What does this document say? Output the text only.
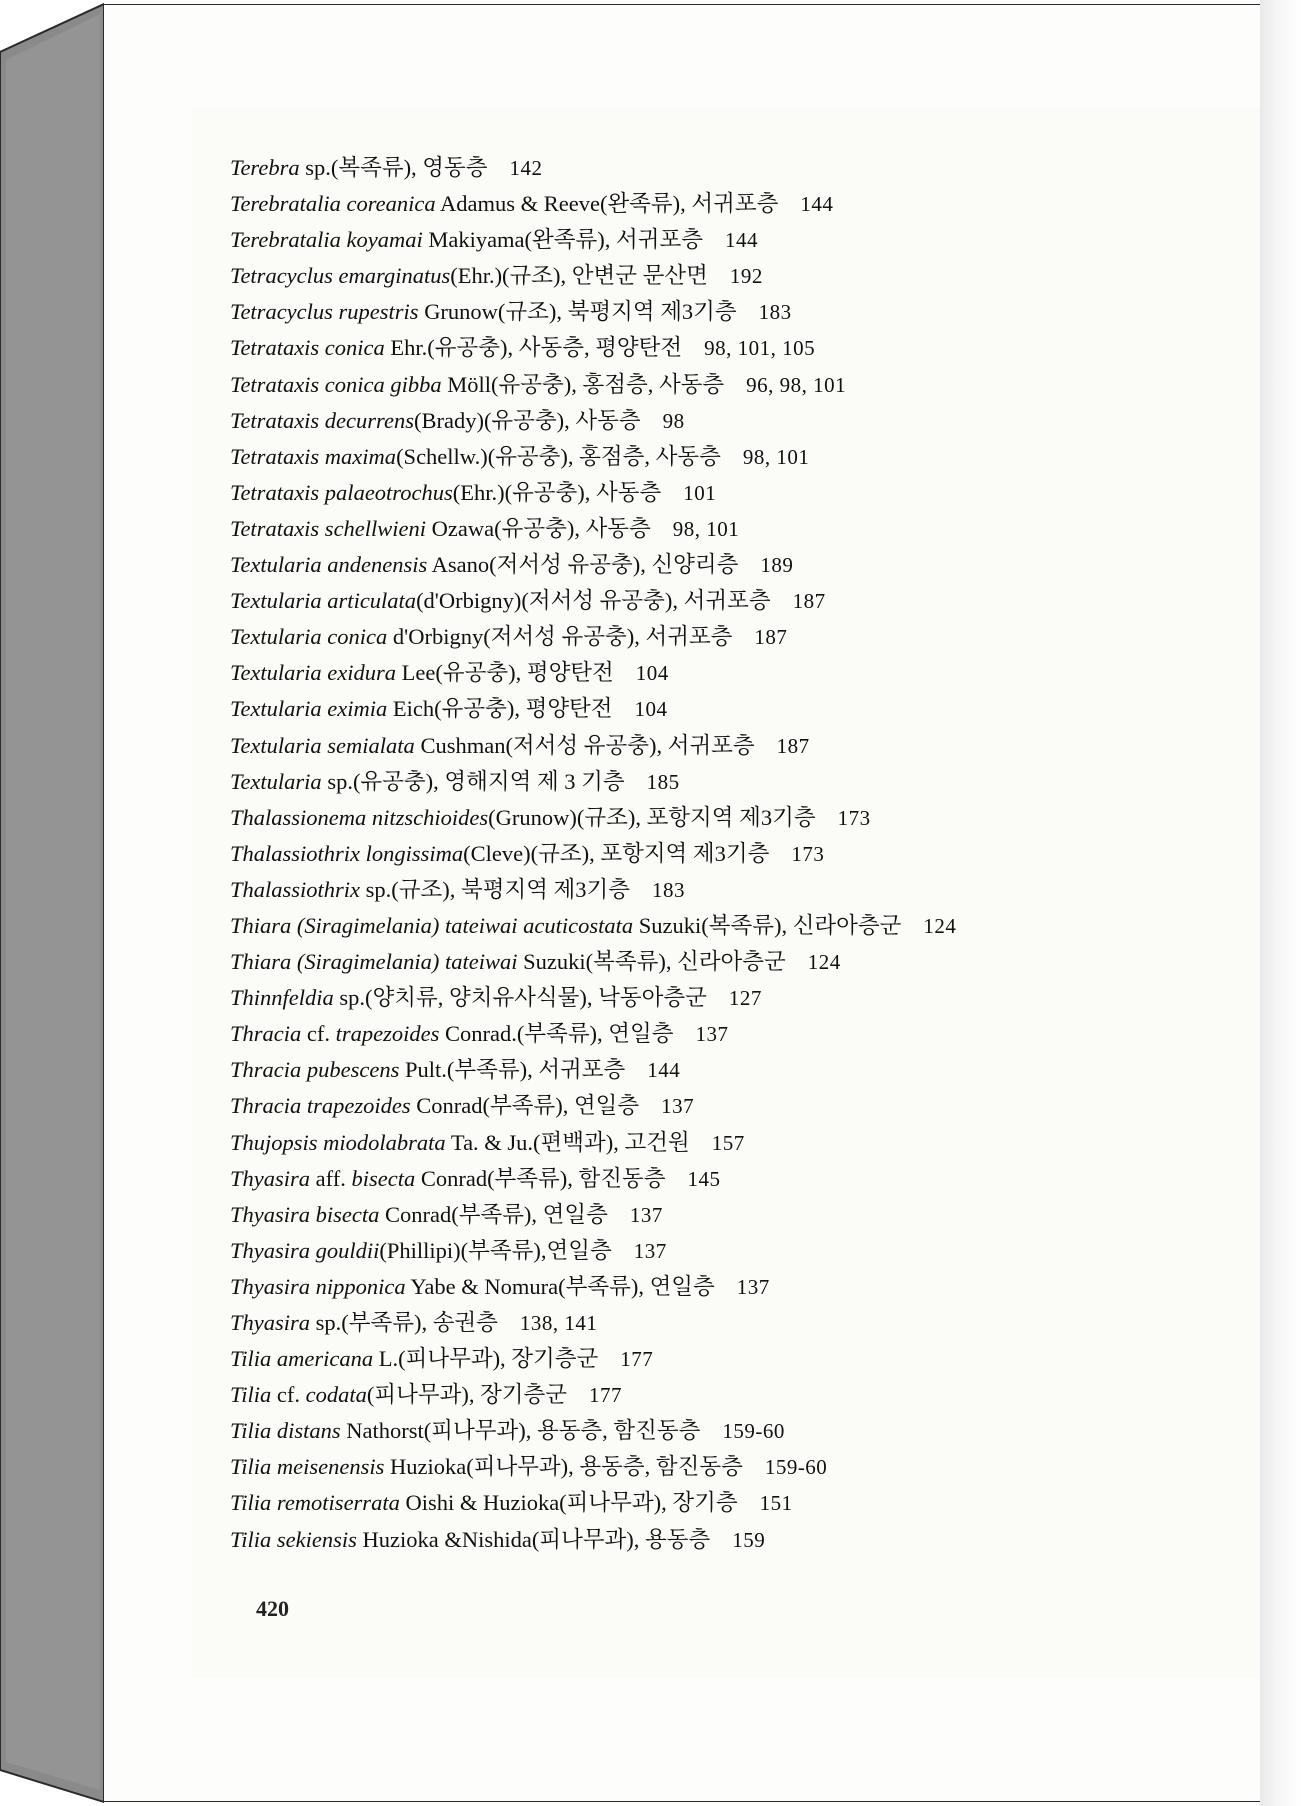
Terebra sp.(복족류), 영동층 142
Terebratalia coreanica Adamus & Reeve(완족류), 서귀포층 144
Terebratalia koyamai Makiyama(완족류), 서귀포층 144
Tetracyclus emarginatus(Ehr.)(규조), 안변군 문산면 192
Tetracyclus rupestris Grunow(규조), 북평지역 제3기층 183
Tetrataxis conica Ehr.(유공충), 사동층, 평양탄전 98, 101, 105
Tetrataxis conica gibba Möll(유공충), 홍점층, 사동층 96, 98, 101
Tetrataxis decurrens(Brady)(유공충), 사동층 98
Tetrataxis maxima(Schellw.)(유공충), 홍점층, 사동층 98, 101
Tetrataxis palaeotrochus(Ehr.)(유공충), 사동층 101
Tetrataxis schellwieni Ozawa(유공충), 사동층 98, 101
Textularia andenensis Asano(저서성 유공충), 신양리층 189
Textularia articulata(d'Orbigny)(저서성 유공충), 서귀포층 187
Textularia conica d'Orbigny(저서성 유공충), 서귀포층 187
Textularia exidura Lee(유공충), 평양탄전 104
Textularia eximia Eich(유공충), 평양탄전 104
Textularia semialata Cushman(저서성 유공충), 서귀포층 187
Textularia sp.(유공충), 영해지역 제 3 기층 185
Thalassionema nitzschioides(Grunow)(규조), 포항지역 제3기층 173
Thalassiothrix longissima(Cleve)(규조), 포항지역 제3기층 173
Thalassiothrix sp.(규조), 북평지역 제3기층 183
Thiara (Siragimelania) tateiwai acuticostata Suzuki(복족류), 신라아층군 124
Thiara (Siragimelania) tateiwai Suzuki(복족류), 신라아층군 124
Thinnfeldia sp.(양치류, 양치유사식물), 낙동아층군 127
Thracia cf. trapezoides Conrad.(부족류), 연일층 137
Thracia pubescens Pult.(부족류), 서귀포층 144
Thracia trapezoides Conrad(부족류), 연일층 137
Thujopsis miodolabrata Ta. & Ju.(편백과), 고건원 157
Thyasira aff. bisecta Conrad(부족류), 함진동층 145
Thyasira bisecta Conrad(부족류), 연일층 137
Thyasira gouldii(Phillipi)(부족류),연일층 137
Thyasira nipponica Yabe & Nomura(부족류), 연일층 137
Thyasira sp.(부족류), 송권층 138, 141
Tilia americana L.(피나무과), 장기층군 177
Tilia cf. codata(피나무과), 장기층군 177
Tilia distans Nathorst(피나무과), 용동층, 함진동층 159-60
Tilia meisenensis Huzioka(피나무과), 용동층, 함진동층 159-60
Tilia remotiserrata Oishi & Huzioka(피나무과), 장기층 151
Tilia sekiensis Huzioka &Nishida(피나무과), 용동층 159
420
